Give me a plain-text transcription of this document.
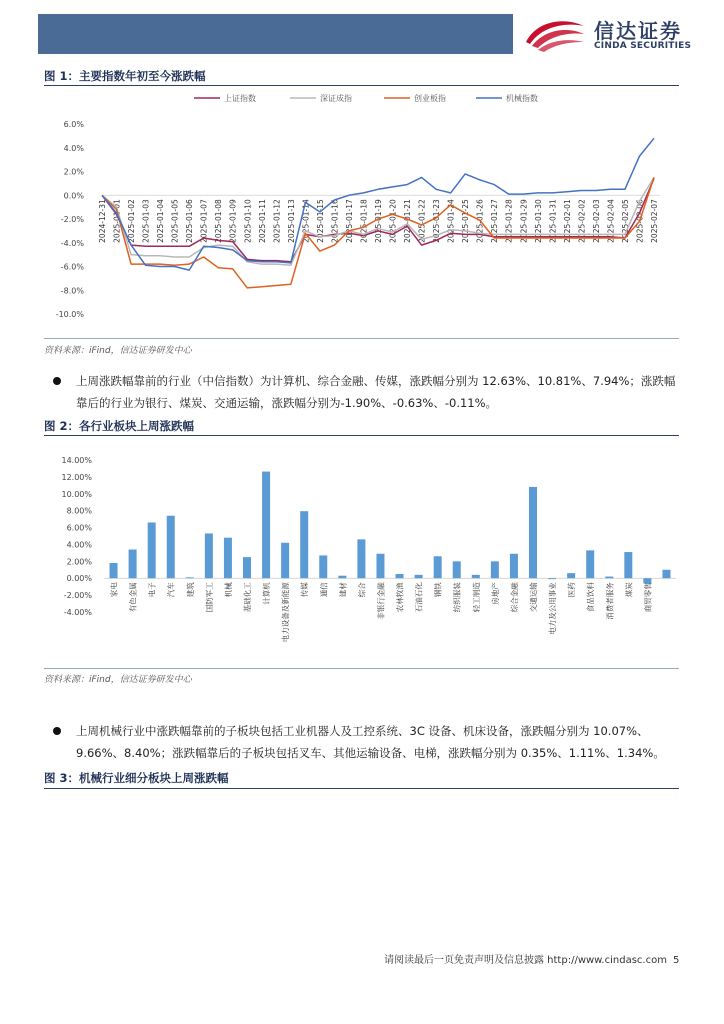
信达证券
CINDA SECURITIES
图 1：主要指数年初至今涨跌幅
上证指数	深证成指	创业板指	机械指数
-10.0%
-8.0%
-6.0%
-4.0%
-2.0%
0.0%
2.0%
4.0%
6.0%
2024-12-31 2025-01-01 2025-01-02 2025-01-03 2025-01-04 2025-01-05 2025-01-06 2025-01-07 2025-01-08 2025-01-09 2025-01-10 2025-01-11 2025-01-12 2025-01-13 2025-01-14 2025-01-15 2025-01-16 2025-01-17 2025-01-18 2025-01-19 2025-01-20 2025-01-21 2025-01-22 2025-01-23 2025-01-24 2025-01-25 2025-01-26 2025-01-27 2025-01-28 2025-01-29 2025-01-30 2025-01-31 2025-02-01 2025-02-02 2025-02-03 2025-02-04 2025-02-05 2025-02-06 2025-02-07
资料来源：iFind，信达证券研发中心
上周涨跌幅靠前的行业（中信指数）为计算机、综合金融、传媒，涨跌幅分别为 12.63%、10.81%、7.94%；涨跌幅靠后的行业为银行、煤炭、交通运输，涨跌幅分别为-1.90%、-0.63%、-0.11%。
图 2：各行业板块上周涨跌幅
-4.00%
-2.00%
0.00%
2.00%
4.00%
6.00%
8.00%
10.00%
12.00%
14.00%
家电 有色金属 电子 汽车 建筑 国防军工 机械 基础化工 计算机 电力设备及新能源 传媒 通信 建材 综合 非银行金融 农林牧渔 石油石化 钢铁 纺织服装 轻工制造 房地产 综合金融 交通运输 电力及公用事业 医药 食品饮料 消费者服务 煤炭 商贸零售
资料来源：iFind，信达证券研发中心
上周机械行业中涨跌幅靠前的子板块包括工业机器人及工控系统、3C 设备、机床设备，涨跌幅分别为 10.07%、9.66%、8.40%；涨跌幅靠后的子板块包括叉车、其他运输设备、电梯，涨跌幅分别为 0.35%、1.11%、1.34%。
图 3：机械行业细分板块上周涨跌幅
请阅读最后一页免责声明及信息披露 http://www.cindasc.com 5
